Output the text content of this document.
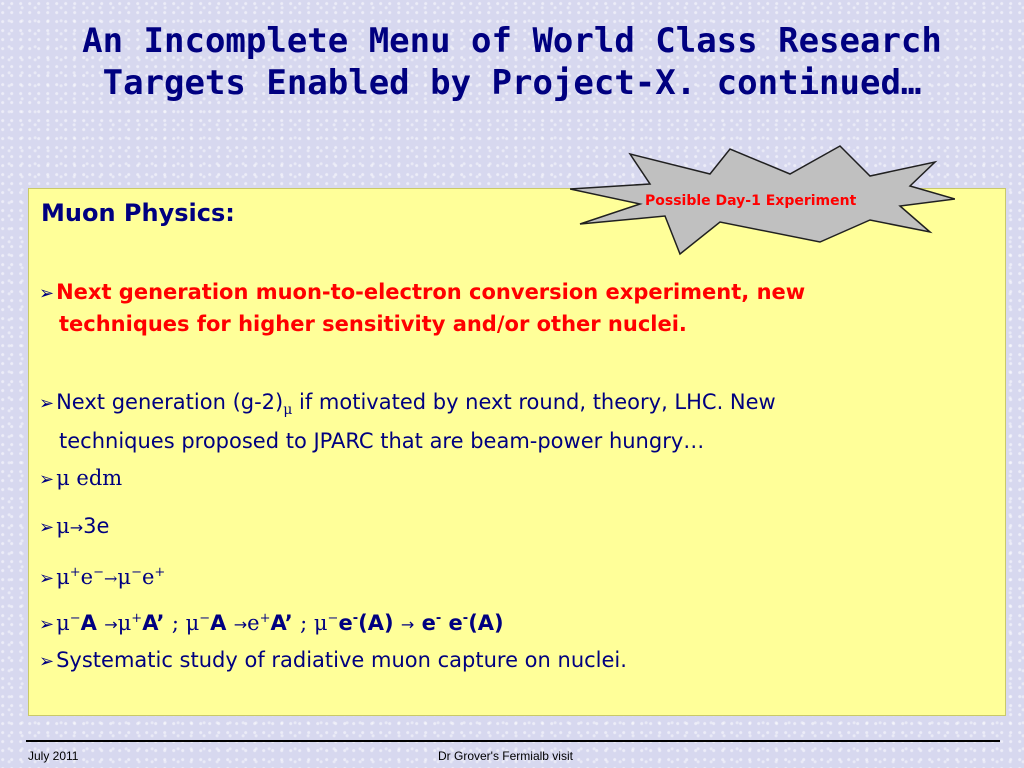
An Incomplete Menu of World Class Research
Targets Enabled by Project-X. continued…
Muon Physics:
➢Next generation muon-to-electron conversion experiment, new
techniques for higher sensitivity and/or other nuclei.
➢Next generation $(g-2)_\mu$ if motivated by next round, theory, LHC. New
techniques proposed to JPARC that are beam-power hungry…
➢μ edm
➢μ→3e
➢μ+e−→μ−e+
➢μ−A →μ+A’ ; μ−A →e+A’ ; μ−e-(A) → e- e-(A)
➢Systematic study of radiative muon capture on nuclei.
Possible Day-1 Experiment
July 2011	Dr Grover's Fermialb visit
